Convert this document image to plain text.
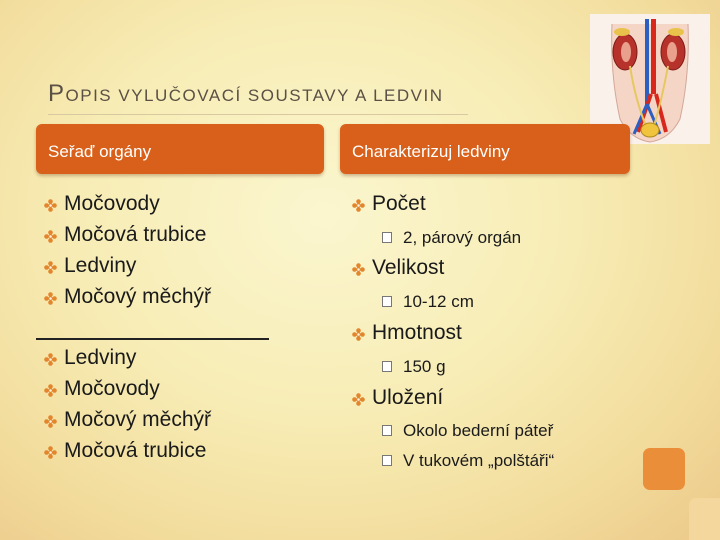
POPIS VYLUČOVACÍ SOUSTAVY A LEDVIN
Seřaď orgány	Charakterizuj ledviny
Močovody
Močová trubice
Ledviny
Močový měchýř
Ledviny
Močovody
Močový měchýř
Močová trubice
Počet
2, párový orgán
Velikost
10-12 cm
Hmotnost
150 g
Uložení
Okolo bederní páteř
V tukovém „polštáři“
